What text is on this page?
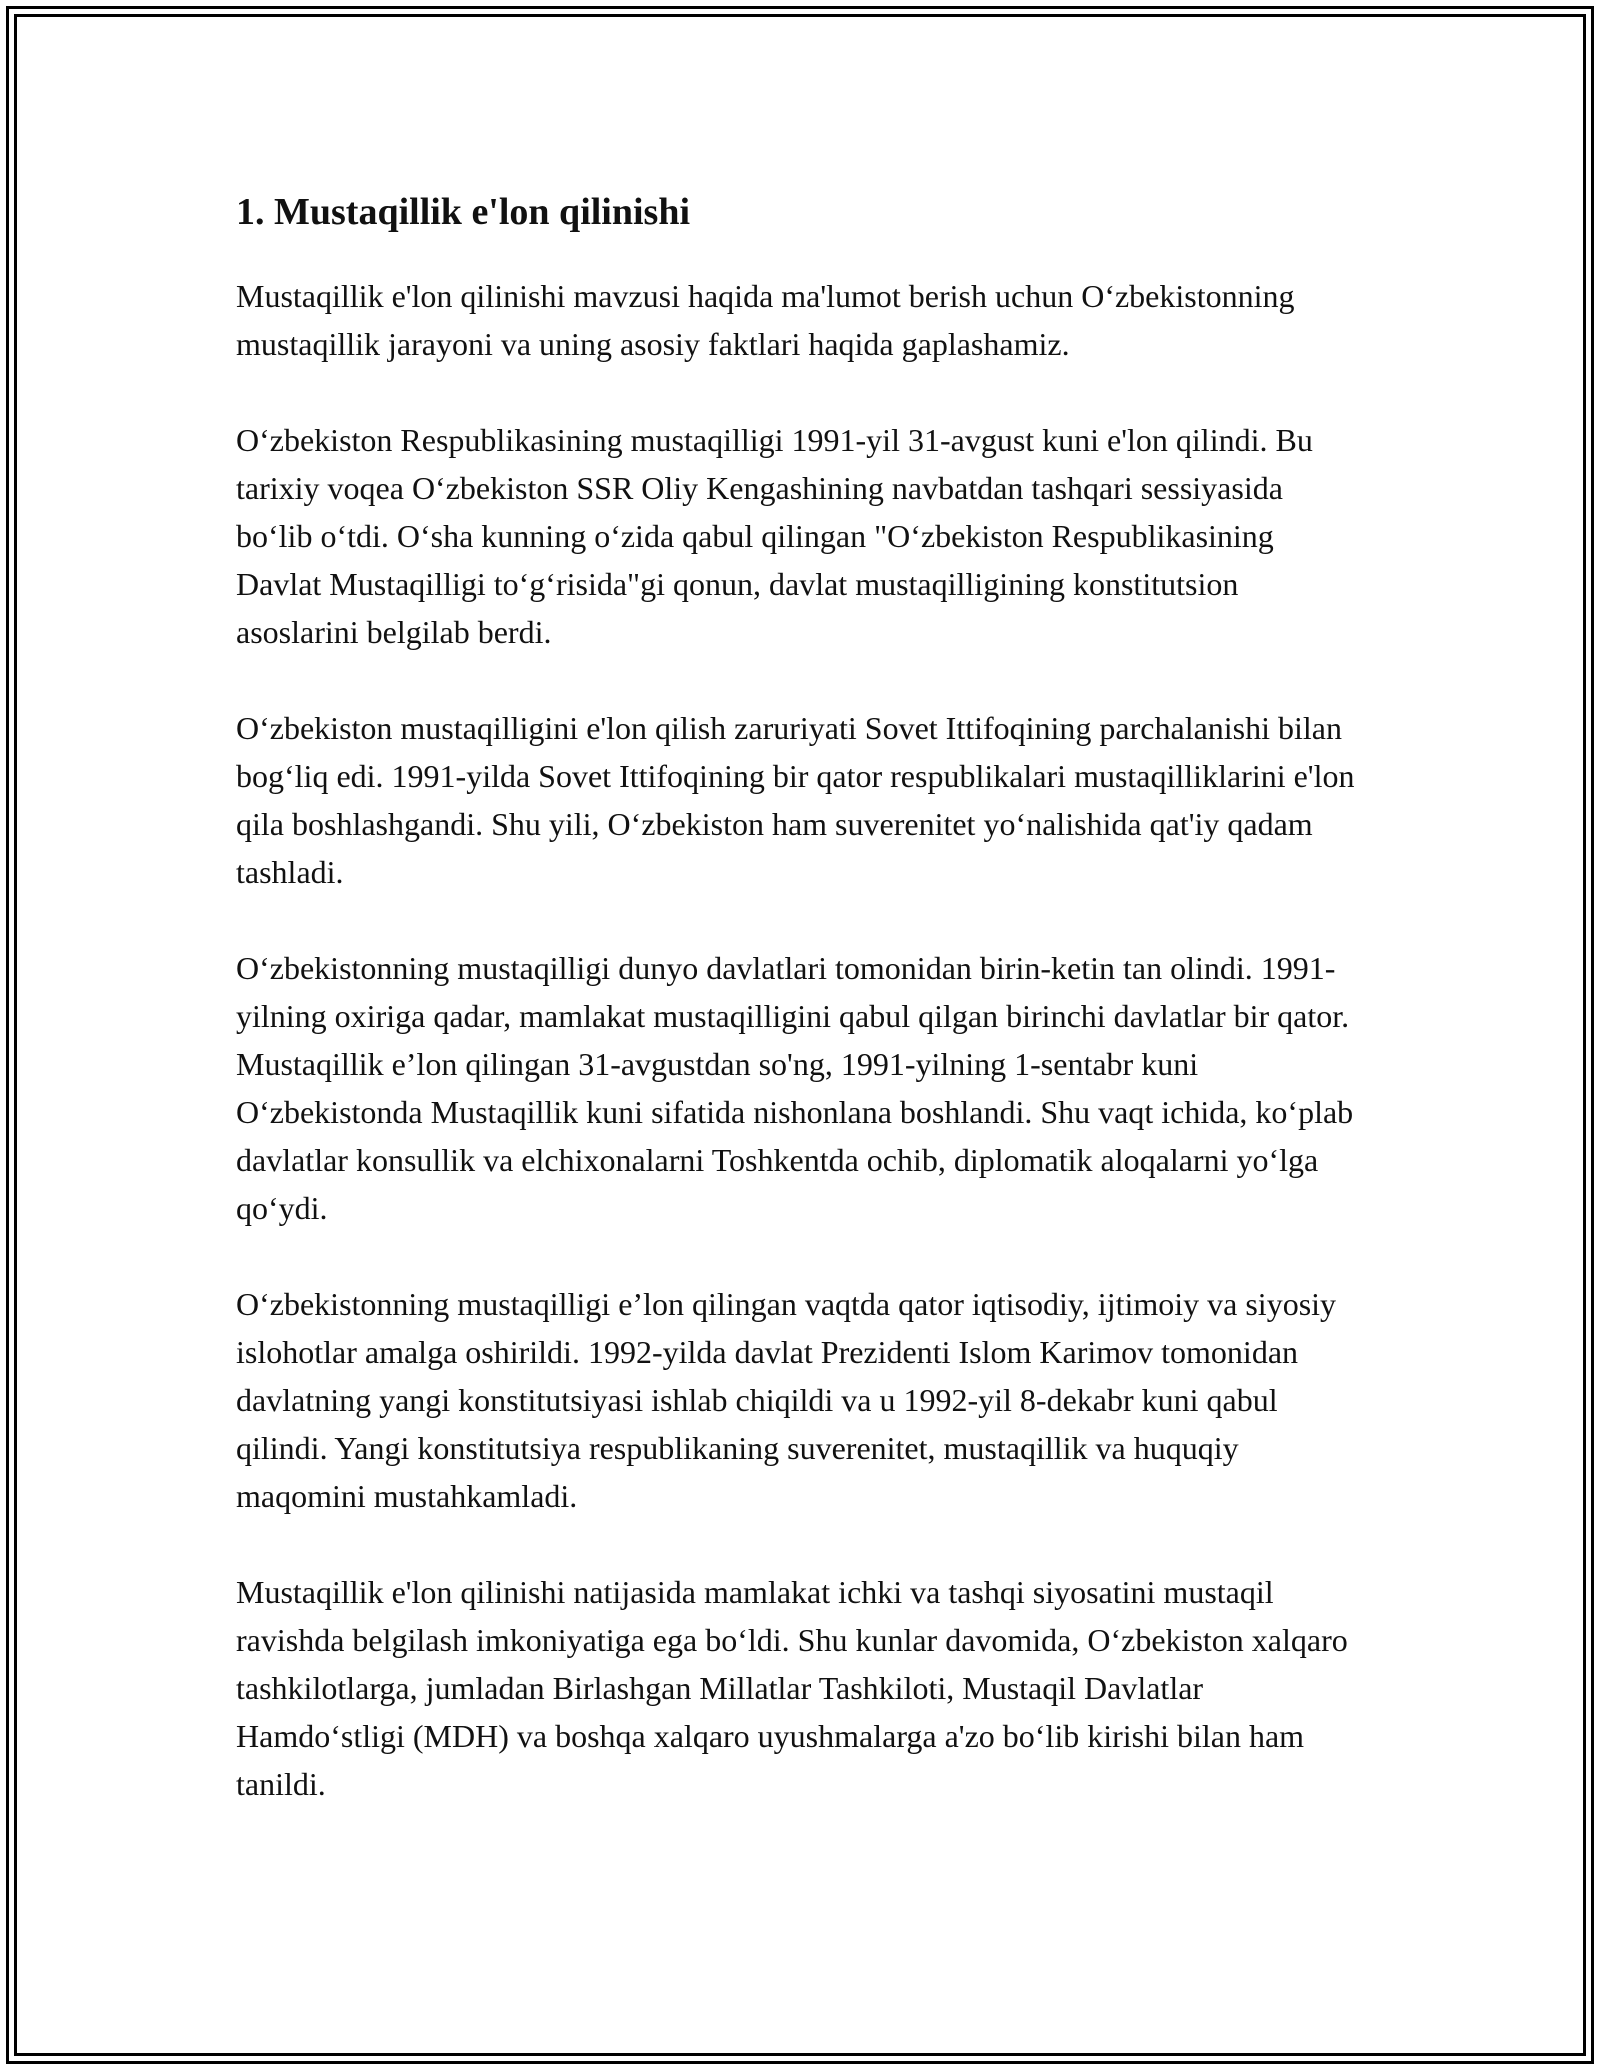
1. Mustaqillik e'lon qilinishi

Mustaqillik e'lon qilinishi mavzusi haqida ma'lumot berish uchun O‘zbekistonning mustaqillik jarayoni va uning asosiy faktlari haqida gaplashamiz.

O‘zbekiston Respublikasining mustaqilligi 1991-yil 31-avgust kuni e'lon qilindi. Bu tarixiy voqea O‘zbekiston SSR Oliy Kengashining navbatdan tashqari sessiyasida bo‘lib o‘tdi. O‘sha kunning o‘zida qabul qilingan "O‘zbekiston Respublikasining Davlat Mustaqilligi to‘g‘risida"gi qonun, davlat mustaqilligining konstitutsion asoslarini belgilab berdi.

O‘zbekiston mustaqilligini e'lon qilish zaruriyati Sovet Ittifoqining parchalanishi bilan bog‘liq edi. 1991-yilda Sovet Ittifoqining bir qator respublikalari mustaqilliklarini e'lon qila boshlashgandi. Shu yili, O‘zbekiston ham suverenitet yo‘nalishida qat'iy qadam tashladi.

O‘zbekistonning mustaqilligi dunyo davlatlari tomonidan birin-ketin tan olindi. 1991-yilning oxiriga qadar, mamlakat mustaqilligini qabul qilgan birinchi davlatlar bir qator. Mustaqillik e’lon qilingan 31-avgustdan so'ng, 1991-yilning 1-sentabr kuni O‘zbekistonda Mustaqillik kuni sifatida nishonlana boshlandi. Shu vaqt ichida, ko‘plab davlatlar konsullik va elchixonalarni Toshkentda ochib, diplomatik aloqalarni yo‘lga qo‘ydi.

O‘zbekistonning mustaqilligi e’lon qilingan vaqtda qator iqtisodiy, ijtimoiy va siyosiy islohotlar amalga oshirildi. 1992-yilda davlat Prezidenti Islom Karimov tomonidan davlatning yangi konstitutsiyasi ishlab chiqildi va u 1992-yil 8-dekabr kuni qabul qilindi. Yangi konstitutsiya respublikaning suverenitet, mustaqillik va huquqiy maqomini mustahkamladi.

Mustaqillik e'lon qilinishi natijasida mamlakat ichki va tashqi siyosatini mustaqil ravishda belgilash imkoniyatiga ega bo‘ldi. Shu kunlar davomida, O‘zbekiston xalqaro tashkilotlarga, jumladan Birlashgan Millatlar Tashkiloti, Mustaqil Davlatlar Hamdo‘stligi (MDH) va boshqa xalqaro uyushmalarga a'zo bo‘lib kirishi bilan ham tanildi.
